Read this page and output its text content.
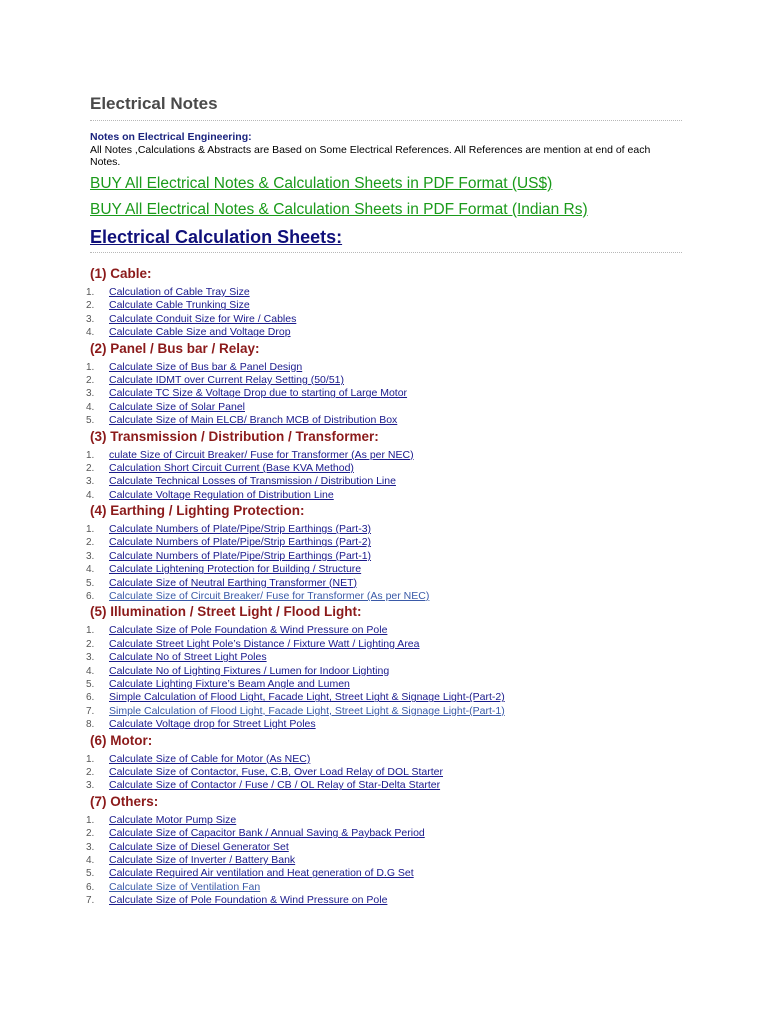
Electrical Notes
Notes on Electrical Engineering:
All Notes ,Calculations & Abstracts are Based on Some Electrical References. All References are mention at end of each Notes.
BUY All Electrical Notes & Calculation Sheets in PDF Format (US$)
BUY All Electrical Notes & Calculation Sheets in PDF Format (Indian Rs)
Electrical Calculation Sheets:
(1) Cable:
1. Calculation of Cable Tray Size
2. Calculate Cable Trunking Size
3. Calculate Conduit Size for Wire / Cables
4. Calculate Cable Size and Voltage Drop
(2) Panel / Bus bar / Relay:
1. Calculate Size of Bus bar & Panel Design
2. Calculate IDMT over Current Relay Setting (50/51)
3. Calculate TC Size & Voltage Drop due to starting of Large Motor
4. Calculate Size of Solar Panel
5. Calculate Size of Main ELCB/ Branch MCB of Distribution Box
(3) Transmission / Distribution / Transformer:
1. culate Size of Circuit Breaker/ Fuse for Transformer (As per NEC)
2. Calculation Short Circuit Current (Base KVA Method)
3. Calculate Technical Losses of Transmission / Distribution Line
4. Calculate Voltage Regulation of Distribution Line
(4) Earthing / Lighting Protection:
1. Calculate Numbers of Plate/Pipe/Strip Earthings (Part-3)
2. Calculate Numbers of Plate/Pipe/Strip Earthings (Part-2)
3. Calculate Numbers of Plate/Pipe/Strip Earthings (Part-1)
4. Calculate Lightening Protection for Building / Structure
5. Calculate Size of Neutral Earthing Transformer (NET)
6. Calculate Size of Circuit Breaker/ Fuse for Transformer (As per NEC)
(5) Illumination / Street Light / Flood Light:
1. Calculate Size of Pole Foundation & Wind Pressure on Pole
2. Calculate Street Light Pole’s Distance / Fixture Watt / Lighting Area
3. Calculate No of Street Light Poles
4. Calculate No of Lighting Fixtures / Lumen for Indoor Lighting
5. Calculate Lighting Fixture’s Beam Angle and Lumen
6. Simple Calculation of Flood Light, Facade Light, Street Light & Signage Light-(Part-2)
7. Simple Calculation of Flood Light, Facade Light, Street Light & Signage Light-(Part-1)
8. Calculate Voltage drop for Street Light Poles
(6) Motor:
1. Calculate Size of Cable for Motor (As NEC)
2. Calculate Size of Contactor, Fuse, C.B, Over Load Relay of DOL Starter
3. Calculate Size of Contactor / Fuse / CB / OL Relay of Star-Delta Starter
(7) Others:
1. Calculate Motor Pump Size
2. Calculate Size of Capacitor Bank / Annual Saving & Payback Period
3. Calculate Size of Diesel Generator Set
4. Calculate Size of Inverter / Battery Bank
5. Calculate Required Air ventilation and Heat generation of D.G Set
6. Calculate Size of Ventilation Fan
7. Calculate Size of Pole Foundation & Wind Pressure on Pole
